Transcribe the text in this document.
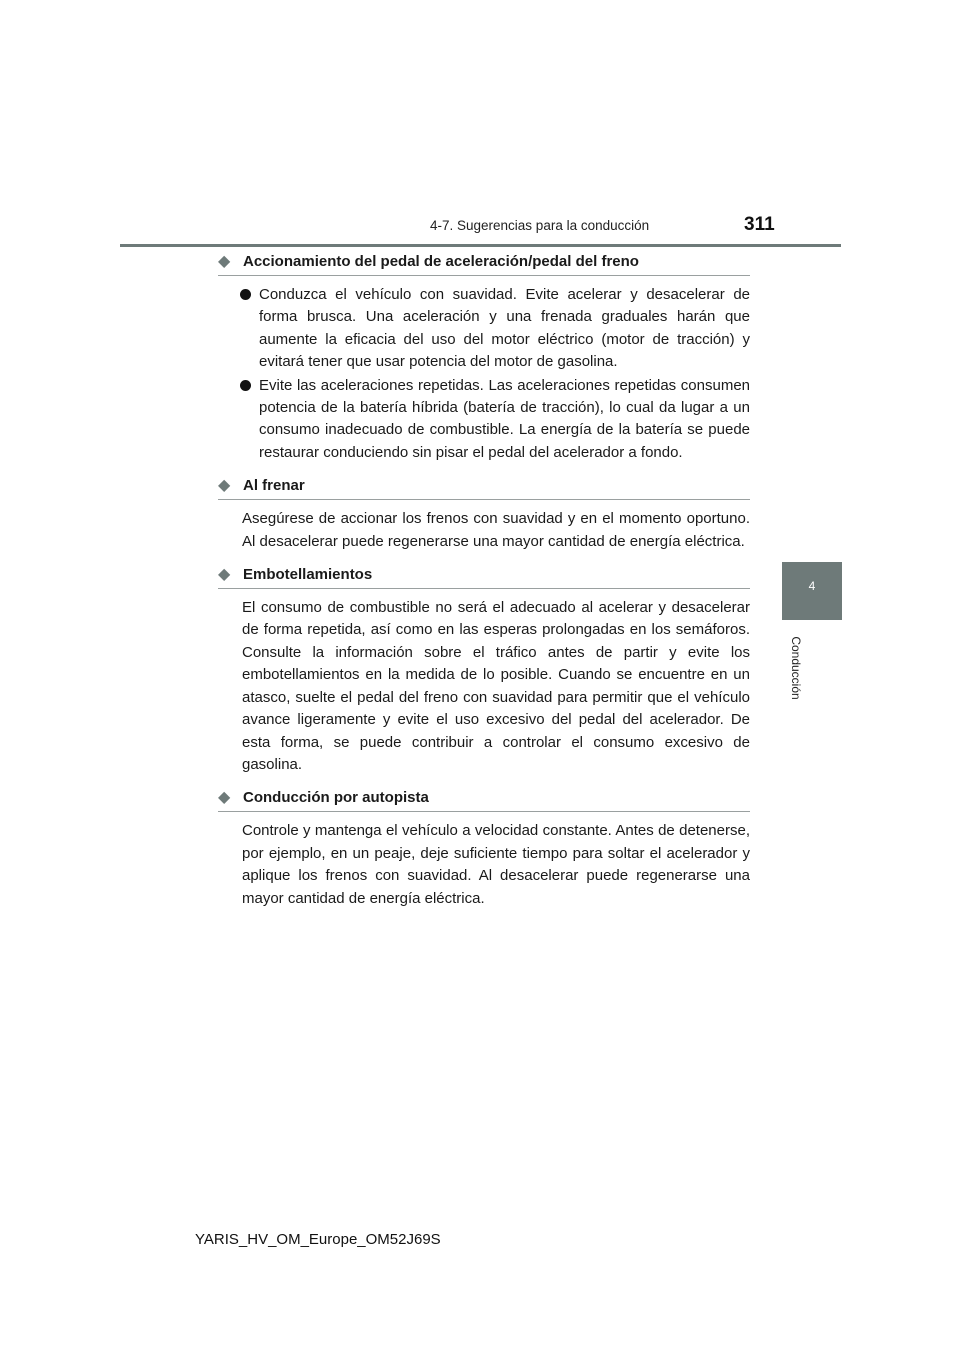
4-7. Sugerencias para la conducción	311
4
Conducción
◆ Accionamiento del pedal de aceleración/pedal del freno

Conduzca el vehículo con suavidad. Evite acelerar y desacelerar de forma brusca. Una aceleración y una frenada graduales harán que aumente la eficacia del uso del motor eléctrico (motor de tracción) y evitará tener que usar potencia del motor de gasolina.

Evite las aceleraciones repetidas. Las aceleraciones repetidas consumen potencia de la batería híbrida (batería de tracción), lo cual da lugar a un consumo inadecuado de combustible. La energía de la batería se puede restaurar conduciendo sin pisar el pedal del acelerador a fondo.

◆ Al frenar

Asegúrese de accionar los frenos con suavidad y en el momento oportuno. Al desacelerar puede regenerarse una mayor cantidad de energía eléctrica.

◆ Embotellamientos

El consumo de combustible no será el adecuado al acelerar y desacelerar de forma repetida, así como en las esperas prolongadas en los semáforos. Consulte la información sobre el tráfico antes de partir y evite los embotellamientos en la medida de lo posible. Cuando se encuentre en un atasco, suelte el pedal del freno con suavidad para permitir que el vehículo avance ligeramente y evite el uso excesivo del pedal del acelerador. De esta forma, se puede contribuir a controlar el consumo excesivo de gasolina.

◆ Conducción por autopista

Controle y mantenga el vehículo a velocidad constante. Antes de detenerse, por ejemplo, en un peaje, deje suficiente tiempo para soltar el acelerador y aplique los frenos con suavidad. Al desacelerar puede regenerarse una mayor cantidad de energía eléctrica.

YARIS_HV_OM_Europe_OM52J69S
